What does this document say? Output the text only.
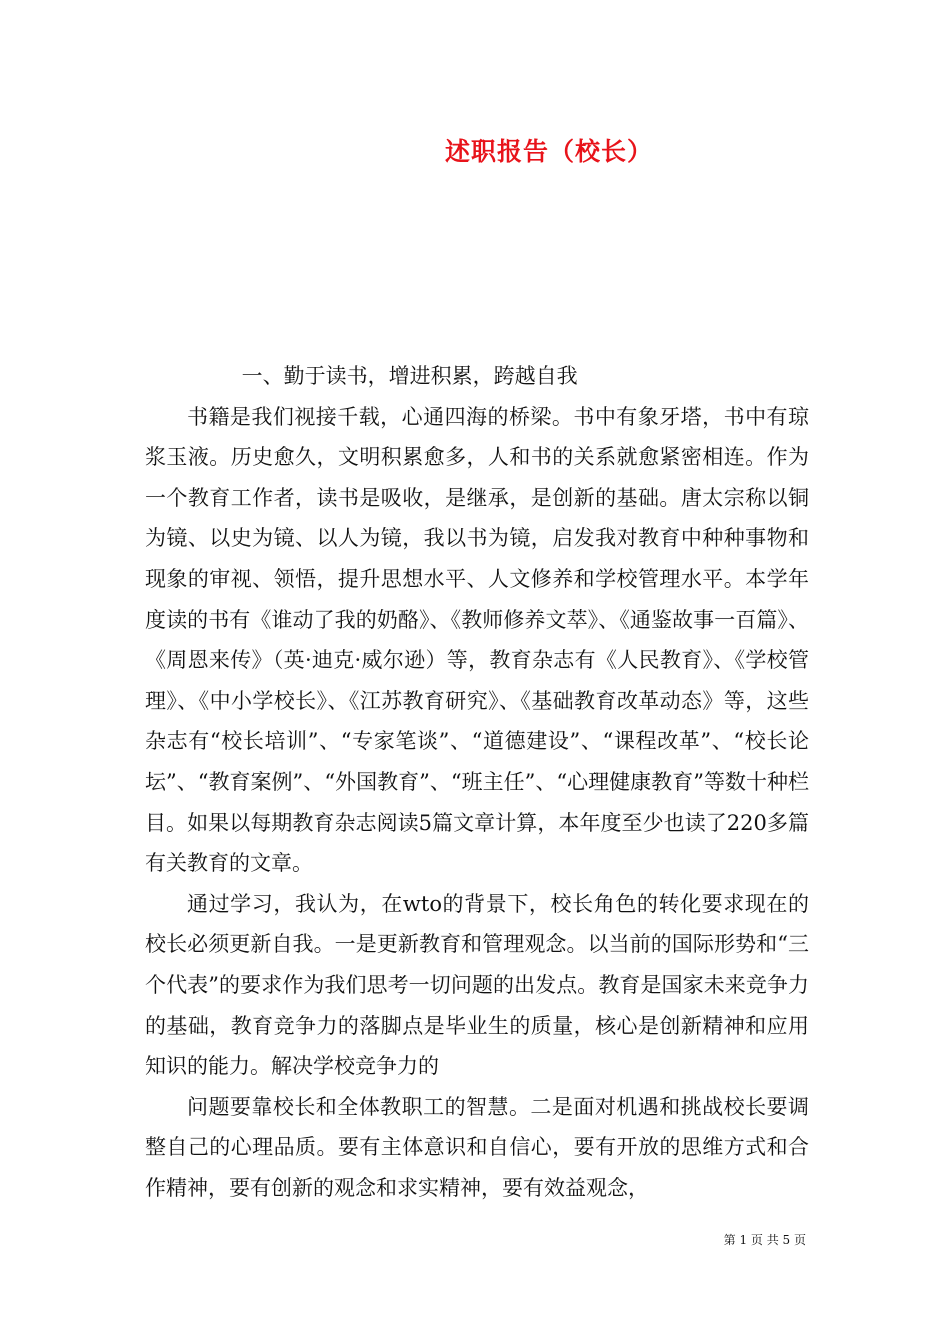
述职报告（校长）

一、勤于读书，增进积累，跨越自我

书籍是我们视接千载，心通四海的桥梁。书中有象牙塔，书中有琼浆玉液。历史愈久，文明积累愈多，人和书的关系就愈紧密相连。作为一个教育工作者，读书是吸收，是继承，是创新的基础。唐太宗称以铜为镜、以史为镜、以人为镜，我以书为镜，启发我对教育中种种事物和现象的审视、领悟，提升思想水平、人文修养和学校管理水平。本学年度读的书有《谁动了我的奶酪》、《教师修养文萃》、《通鉴故事一百篇》、《周恩来传》（英·迪克·威尔逊）等，教育杂志有《人民教育》、《学校管理》、《中小学校长》、《江苏教育研究》、《基础教育改革动态》等，这些杂志有“校长培训”、“专家笔谈”、“道德建设”、“课程改革”、“校长论坛”、“教育案例”、“外国教育”、“班主任”、“心理健康教育”等数十种栏目。如果以每期教育杂志阅读5篇文章计算，本年度至少也读了220多篇有关教育的文章。

通过学习，我认为，在wto的背景下，校长角色的转化要求现在的校长必须更新自我。一是更新教育和管理观念。以当前的国际形势和“三个代表”的要求作为我们思考一切问题的出发点。教育是国家未来竞争力的基础，教育竞争力的落脚点是毕业生的质量，核心是创新精神和应用知识的能力。解决学校竞争力的

问题要靠校长和全体教职工的智慧。二是面对机遇和挑战校长要调整自己的心理品质。要有主体意识和自信心，要有开放的思维方式和合作精神，要有创新的观念和求实精神，要有效益观念，

第 1 页 共 5 页
